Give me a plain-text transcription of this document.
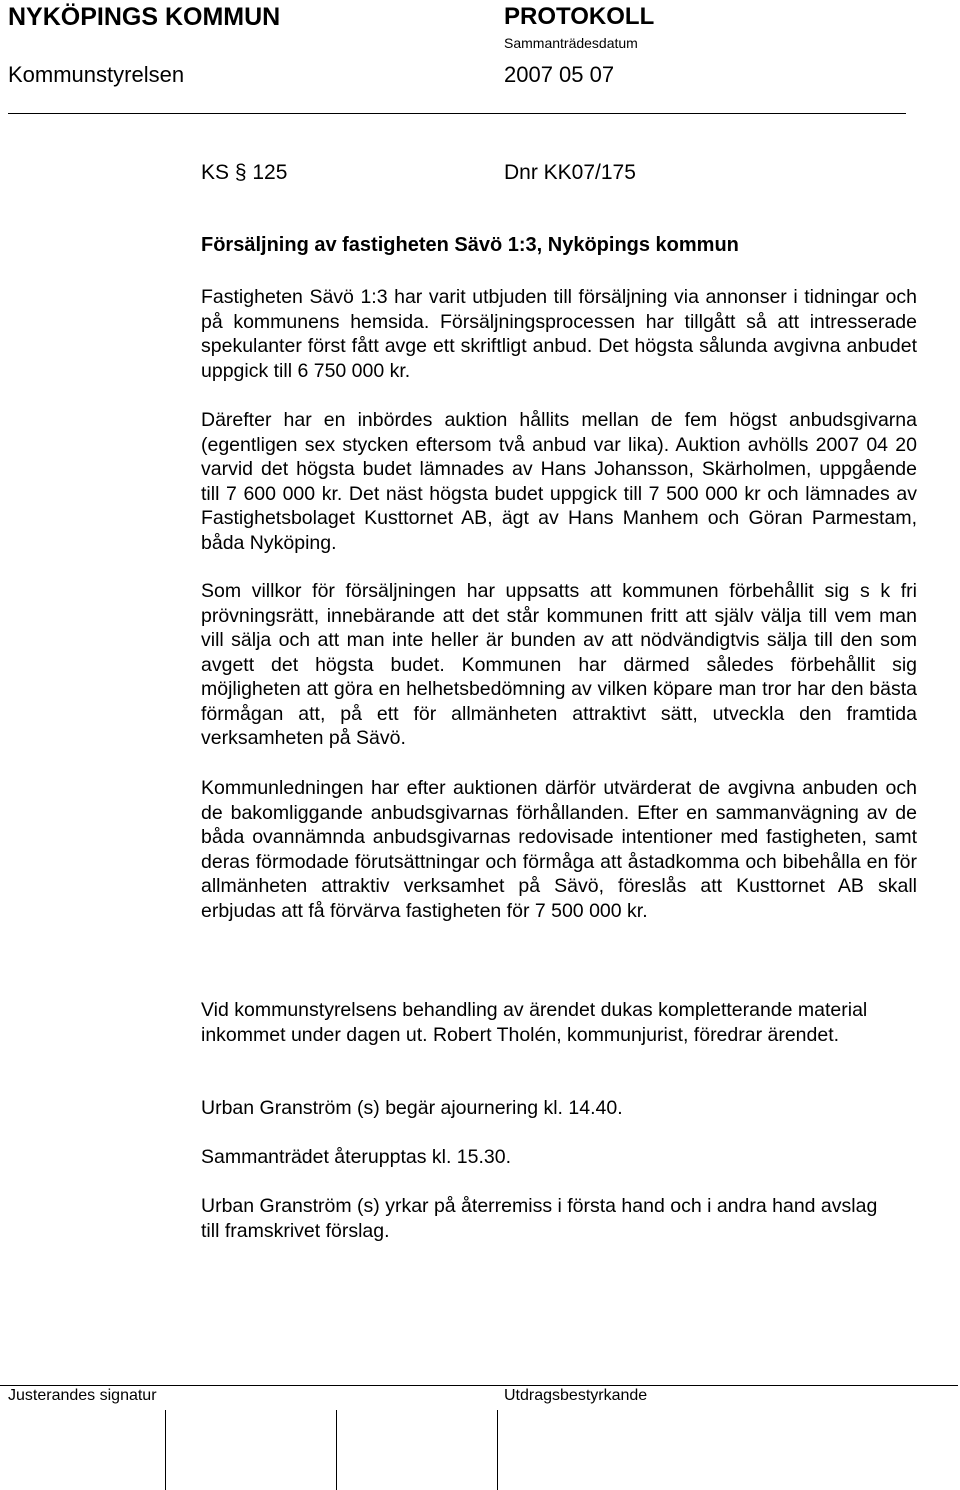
NYKÖPINGS KOMMUN	PROTOKOLL
Sammanträdesdatum
Kommunstyrelsen	2007 05 07
KS § 125	Dnr KK07/175
Försäljning av fastigheten Sävö 1:3, Nyköpings kommun

Fastigheten Sävö 1:3 har varit utbjuden till försäljning via annonser i tidningar och på kommunens hemsida. Försäljningsprocessen har tillgått så att intresserade spekulanter först fått avge ett skriftligt anbud. Det högsta sålunda avgivna anbudet uppgick till 6 750 000 kr.

Därefter har en inbördes auktion hållits mellan de fem högst anbudsgivarna (egentligen sex stycken eftersom två anbud var lika). Auktion avhölls 2007 04 20 varvid det högsta budet lämnades av Hans Johansson, Skärholmen, uppgående till 7 600 000 kr. Det näst högsta budet uppgick till 7 500 000 kr och lämnades av Fastighetsbolaget Kusttornet AB, ägt av Hans Manhem och Göran Parmestam, båda Nyköping.

Som villkor för försäljningen har uppsatts att kommunen förbehållit sig s k fri prövningsrätt, innebärande att det står kommunen fritt att själv välja till vem man vill sälja och att man inte heller är bunden av att nödvändigtvis sälja till den som avgett det högsta budet. Kommunen har därmed således förbehållit sig möjligheten att göra en helhetsbedömning av vilken köpare man tror har den bästa förmågan att, på ett för allmänheten attraktivt sätt, utveckla den framtida verksamheten på Sävö.

Kommunledningen har efter auktionen därför utvärderat de avgivna anbuden och de bakomliggande anbudsgivarnas förhållanden. Efter en sammanvägning av de båda ovannämnda anbudsgivarnas redovisade intentioner med fastigheten, samt deras förmodade förutsättningar och förmåga att åstadkomma och bibehålla en för allmänheten attraktiv verksamhet på Sävö, föreslås att Kusttornet AB skall erbjudas att få förvärva fastigheten för 7 500 000 kr.

Vid kommunstyrelsens behandling av ärendet dukas kompletterande material inkommet under dagen ut. Robert Tholén, kommunjurist, föredrar ärendet.

Urban Granström (s) begär ajournering kl. 14.40.
Sammanträdet återupptas kl. 15.30.

Urban Granström (s) yrkar på återremiss i första hand och i andra hand avslag till framskrivet förslag.

Justerandes signatur	Utdragsbestyrkande
